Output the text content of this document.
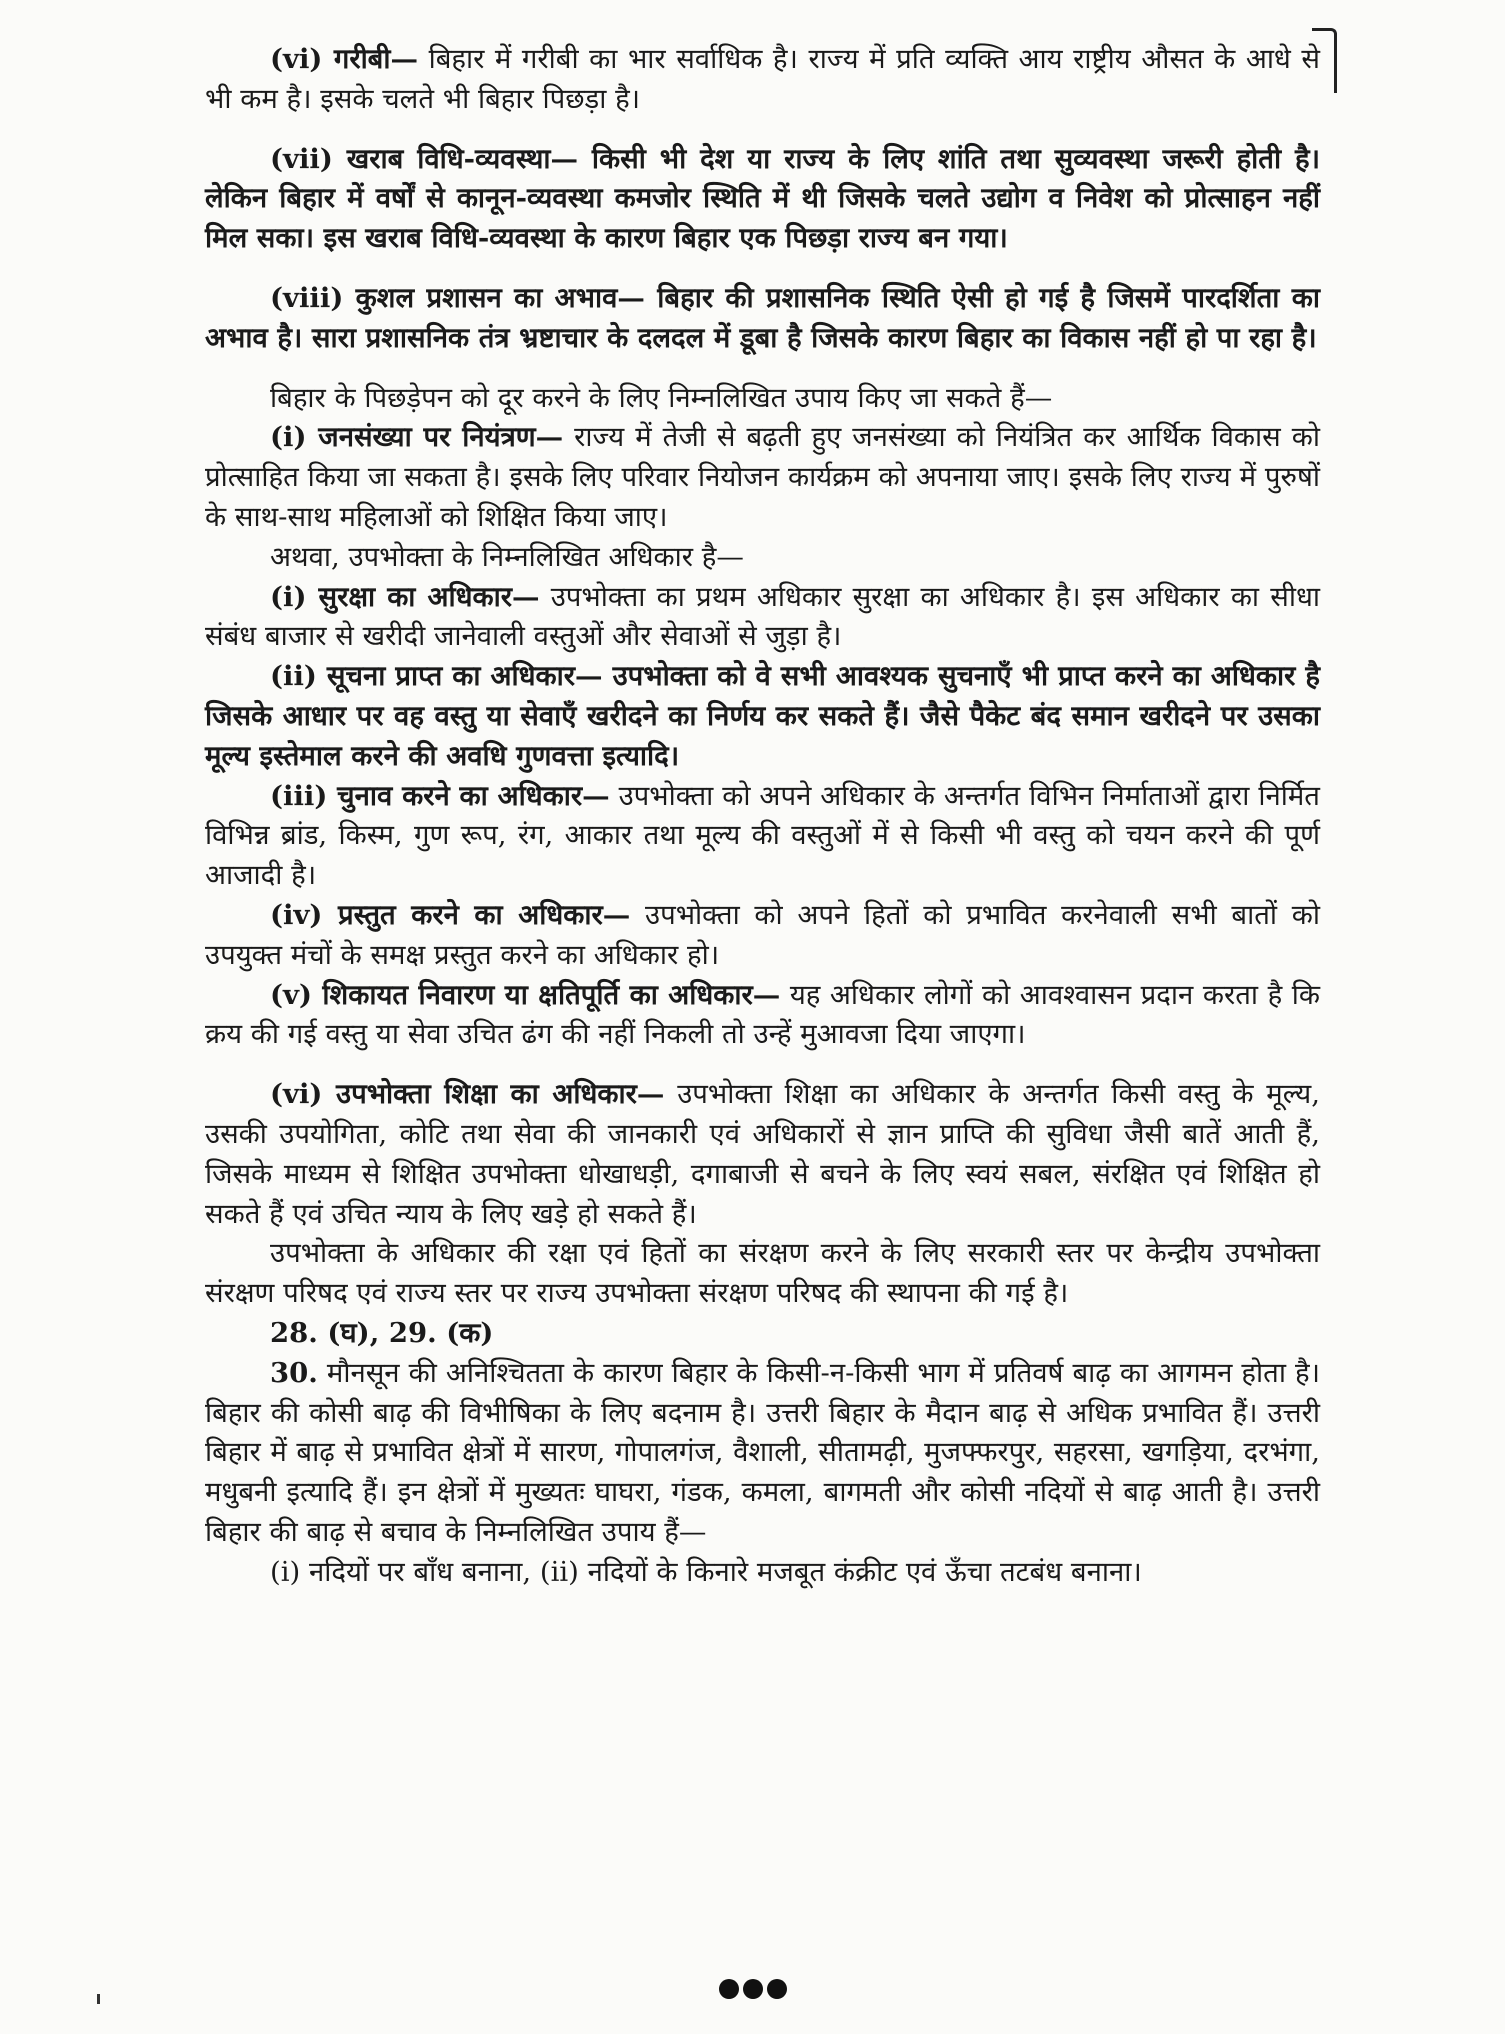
(vi) गरीबी— बिहार में गरीबी का भार सर्वाधिक है। राज्य में प्रति व्यक्ति आय राष्ट्रीय औसत के आधे से भी कम है। इसके चलते भी बिहार पिछड़ा है।

(vii) खराब विधि-व्यवस्था— किसी भी देश या राज्य के लिए शांति तथा सुव्यवस्था जरूरी होती है। लेकिन बिहार में वर्षों से कानून-व्यवस्था कमजोर स्थिति में थी जिसके चलते उद्योग व निवेश को प्रोत्साहन नहीं मिल सका। इस खराब विधि-व्यवस्था के कारण बिहार एक पिछड़ा राज्य बन गया।

(viii) कुशल प्रशासन का अभाव— बिहार की प्रशासनिक स्थिति ऐसी हो गई है जिसमें पारदर्शिता का अभाव है। सारा प्रशासनिक तंत्र भ्रष्टाचार के दलदल में डूबा है जिसके कारण बिहार का विकास नहीं हो पा रहा है।

बिहार के पिछड़ेपन को दूर करने के लिए निम्नलिखित उपाय किए जा सकते हैं—

(i) जनसंख्या पर नियंत्रण— राज्य में तेजी से बढ़ती हुए जनसंख्या को नियंत्रित कर आर्थिक विकास को प्रोत्साहित किया जा सकता है। इसके लिए परिवार नियोजन कार्यक्रम को अपनाया जाए। इसके लिए राज्य में पुरुषों के साथ-साथ महिलाओं को शिक्षित किया जाए।

अथवा, उपभोक्ता के निम्नलिखित अधिकार है—

(i) सुरक्षा का अधिकार— उपभोक्ता का प्रथम अधिकार सुरक्षा का अधिकार है। इस अधिकार का सीधा संबंध बाजार से खरीदी जानेवाली वस्तुओं और सेवाओं से जुड़ा है।

(ii) सूचना प्राप्त का अधिकार— उपभोक्ता को वे सभी आवश्यक सुचनाएँ भी प्राप्त करने का अधिकार है जिसके आधार पर वह वस्तु या सेवाएँ खरीदने का निर्णय कर सकते हैं। जैसे पैकेट बंद समान खरीदने पर उसका मूल्य इस्तेमाल करने की अवधि गुणवत्ता इत्यादि।

(iii) चुनाव करने का अधिकार— उपभोक्ता को अपने अधिकार के अन्तर्गत विभिन निर्माताओं द्वारा निर्मित विभिन्न ब्रांड, किस्म, गुण रूप, रंग, आकार तथा मूल्य की वस्तुओं में से किसी भी वस्तु को चयन करने की पूर्ण आजादी है।

(iv) प्रस्तुत करने का अधिकार— उपभोक्ता को अपने हितों को प्रभावित करनेवाली सभी बातों को उपयुक्त मंचों के समक्ष प्रस्तुत करने का अधिकार हो।

(v) शिकायत निवारण या क्षतिपूर्ति का अधिकार— यह अधिकार लोगों को आवश्वासन प्रदान करता है कि क्रय की गई वस्तु या सेवा उचित ढंग की नहीं निकली तो उन्हें मुआवजा दिया जाएगा।

(vi) उपभोक्ता शिक्षा का अधिकार— उपभोक्ता शिक्षा का अधिकार के अन्तर्गत किसी वस्तु के मूल्य, उसकी उपयोगिता, कोटि तथा सेवा की जानकारी एवं अधिकारों से ज्ञान प्राप्ति की सुविधा जैसी बातें आती हैं, जिसके माध्यम से शिक्षित उपभोक्ता धोखाधड़ी, दगाबाजी से बचने के लिए स्वयं सबल, संरक्षित एवं शिक्षित हो सकते हैं एवं उचित न्याय के लिए खड़े हो सकते हैं।

उपभोक्ता के अधिकार की रक्षा एवं हितों का संरक्षण करने के लिए सरकारी स्तर पर केन्द्रीय उपभोक्ता संरक्षण परिषद एवं राज्य स्तर पर राज्य उपभोक्ता संरक्षण परिषद की स्थापना की गई है।

28. (घ), 29. (क)

30. मौनसून की अनिश्चितता के कारण बिहार के किसी-न-किसी भाग में प्रतिवर्ष बाढ़ का आगमन होता है। बिहार की कोसी बाढ़ की विभीषिका के लिए बदनाम है। उत्तरी बिहार के मैदान बाढ़ से अधिक प्रभावित हैं। उत्तरी बिहार में बाढ़ से प्रभावित क्षेत्रों में सारण, गोपालगंज, वैशाली, सीतामढ़ी, मुजफ्फरपुर, सहरसा, खगड़िया, दरभंगा, मधुबनी इत्यादि हैं। इन क्षेत्रों में मुख्यतः घाघरा, गंडक, कमला, बागमती और कोसी नदियों से बाढ़ आती है। उत्तरी बिहार की बाढ़ से बचाव के निम्नलिखित उपाय हैं—

(i) नदियों पर बाँध बनाना, (ii) नदियों के किनारे मजबूत कंक्रीट एवं ऊँचा तटबंध बनाना।
